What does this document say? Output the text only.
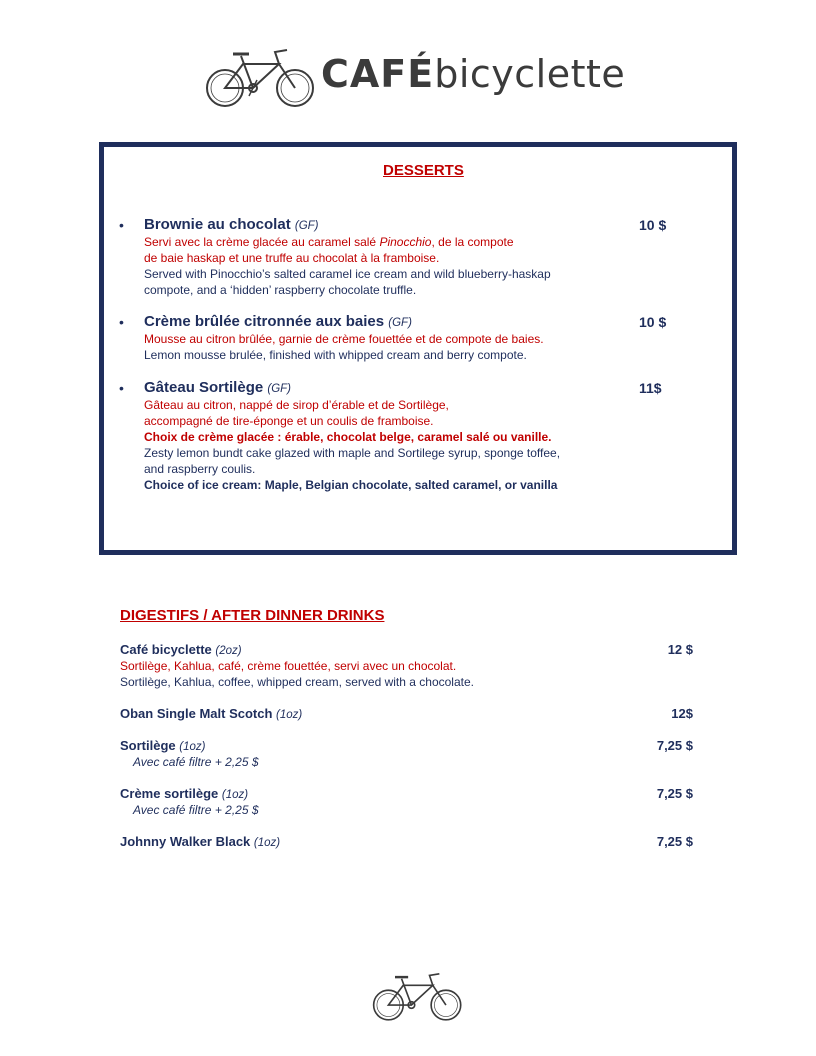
CAFÉbicyclette
DESSERTS
• Brownie au chocolat (GF)	10 $
Servi avec la crème glacée au caramel salé Pinocchio, de la compote
de baie haskap et une truffe au chocolat à la framboise.
Served with Pinocchio’s salted caramel ice cream and wild blueberry-haskap
compote, and a ‘hidden’ raspberry chocolate truffle.
• Crème brûlée citronnée aux baies (GF)	10 $
Mousse au citron brûlée, garnie de crème fouettée et de compote de baies.
Lemon mousse brulée, finished with whipped cream and berry compote.
• Gâteau Sortilège (GF)	11$
Gâteau au citron, nappé de sirop d’érable et de Sortilège,
accompagné de tire-éponge et un coulis de framboise.
Choix de crème glacée : érable, chocolat belge, caramel salé ou vanille.
Zesty lemon bundt cake glazed with maple and Sortilege syrup, sponge toffee,
and raspberry coulis.
Choice of ice cream: Maple, Belgian chocolate, salted caramel, or vanilla
DIGESTIFS / AFTER DINNER DRINKS
Café bicyclette (2oz)	12 $
Sortilège, Kahlua, café, crème fouettée, servi avec un chocolat.
Sortilège, Kahlua, coffee, whipped cream, served with a chocolate.
Oban Single Malt Scotch (1oz)	12$
Sortilège (1oz)	7,25 $
Avec café filtre + 2,25 $
Crème sortilège (1oz)	7,25 $
Avec café filtre + 2,25 $
Johnny Walker Black (1oz)	7,25 $
